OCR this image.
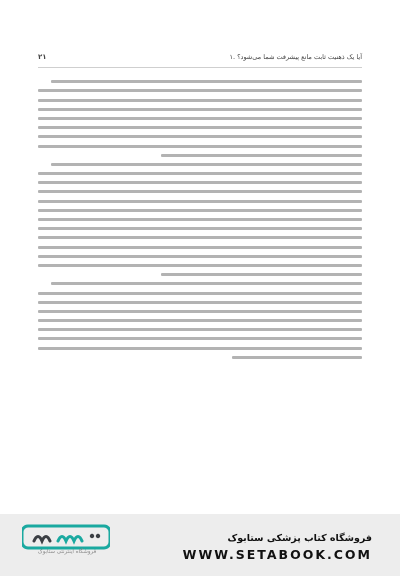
۲۱	۱. آیا یک ذهنیت ثابت مانع پیشرفت شما می‌شود؟
فروشگاه اینترنتی ستابوک
فروشگاه کتاب پزشکی ستابوک
WWW.SETABOOK.COM
